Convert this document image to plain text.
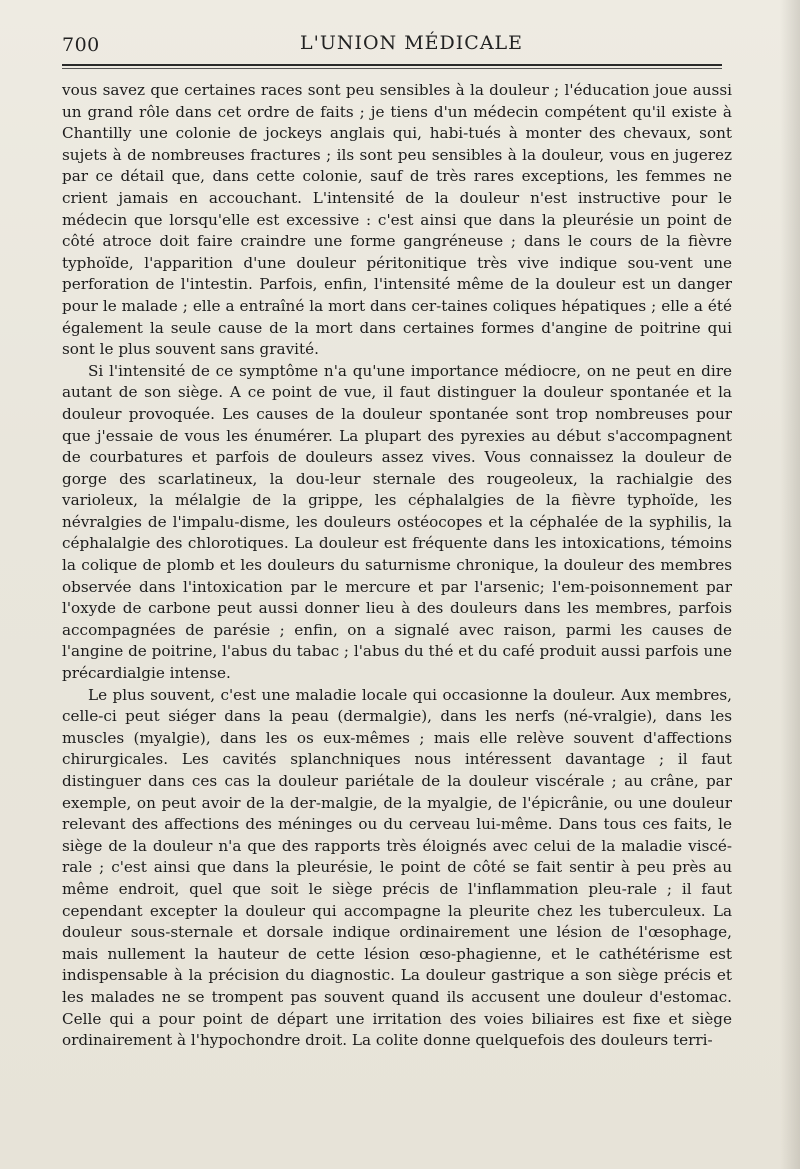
700	L'UNION MÉDICALE

vous savez que certaines races sont peu sensibles à la douleur ; l'éducation joue aussi un grand rôle dans cet ordre de faits ; je tiens d'un médecin compétent qu'il existe à Chantilly une colonie de jockeys anglais qui, habi-tués à monter des chevaux, sont sujets à de nombreuses fractures ; ils sont peu sensibles à la douleur, vous en jugerez par ce détail que, dans cette colonie, sauf de très rares exceptions, les femmes ne crient jamais en accouchant. L'intensité de la douleur n'est instructive pour le médecin que lorsqu'elle est excessive : c'est ainsi que dans la pleurésie un point de côté atroce doit faire craindre une forme gangréneuse ; dans le cours de la fièvre typhoïde, l'apparition d'une douleur péritonitique très vive indique sou-vent une perforation de l'intestin. Parfois, enfin, l'intensité même de la douleur est un danger pour le malade ; elle a entraîné la mort dans cer-taines coliques hépatiques ; elle a été également la seule cause de la mort dans certaines formes d'angine de poitrine qui sont le plus souvent sans gravité.

Si l'intensité de ce symptôme n'a qu'une importance médiocre, on ne peut en dire autant de son siège. A ce point de vue, il faut distinguer la douleur spontanée et la douleur provoquée. Les causes de la douleur spontanée sont trop nombreuses pour que j'essaie de vous les énumérer. La plupart des pyrexies au début s'accompagnent de courbatures et parfois de douleurs assez vives. Vous connaissez la douleur de gorge des scarlatineux, la dou-leur sternale des rougeoleux, la rachialgie des varioleux, la mélalgie de la grippe, les céphalalgies de la fièvre typhoïde, les névralgies de l'impalu-disme, les douleurs ostéocopes et la céphalée de la syphilis, la céphalalgie des chlorotiques. La douleur est fréquente dans les intoxications, témoins la colique de plomb et les douleurs du saturnisme chronique, la douleur des membres observée dans l'intoxication par le mercure et par l'arsenic; l'em-poisonnement par l'oxyde de carbone peut aussi donner lieu à des douleurs dans les membres, parfois accompagnées de parésie ; enfin, on a signalé avec raison, parmi les causes de l'angine de poitrine, l'abus du tabac ; l'abus du thé et du café produit aussi parfois une précardialgie intense.

Le plus souvent, c'est une maladie locale qui occasionne la douleur. Aux membres, celle-ci peut siéger dans la peau (dermalgie), dans les nerfs (né-vralgie), dans les muscles (myalgie), dans les os eux-mêmes ; mais elle relève souvent d'affections chirurgicales. Les cavités splanchniques nous intéressent davantage ; il faut distinguer dans ces cas la douleur pariétale de la douleur viscérale ; au crâne, par exemple, on peut avoir de la der-malgie, de la myalgie, de l'épicrânie, ou une douleur relevant des affections des méninges ou du cerveau lui-même. Dans tous ces faits, le siège de la douleur n'a que des rapports très éloignés avec celui de la maladie viscé-rale ; c'est ainsi que dans la pleurésie, le point de côté se fait sentir à peu près au même endroit, quel que soit le siège précis de l'inflammation pleu-rale ; il faut cependant excepter la douleur qui accompagne la pleurite chez les tuberculeux. La douleur sous-sternale et dorsale indique ordinairement une lésion de l'œsophage, mais nullement la hauteur de cette lésion œso-phagienne, et le cathétérisme est indispensable à la précision du diagnostic. La douleur gastrique a son siège précis et les malades ne se trompent pas souvent quand ils accusent une douleur d'estomac. Celle qui a pour point de départ une irritation des voies biliaires est fixe et siège ordinairement à l'hypochondre droit. La colite donne quelquefois des douleurs terri-
